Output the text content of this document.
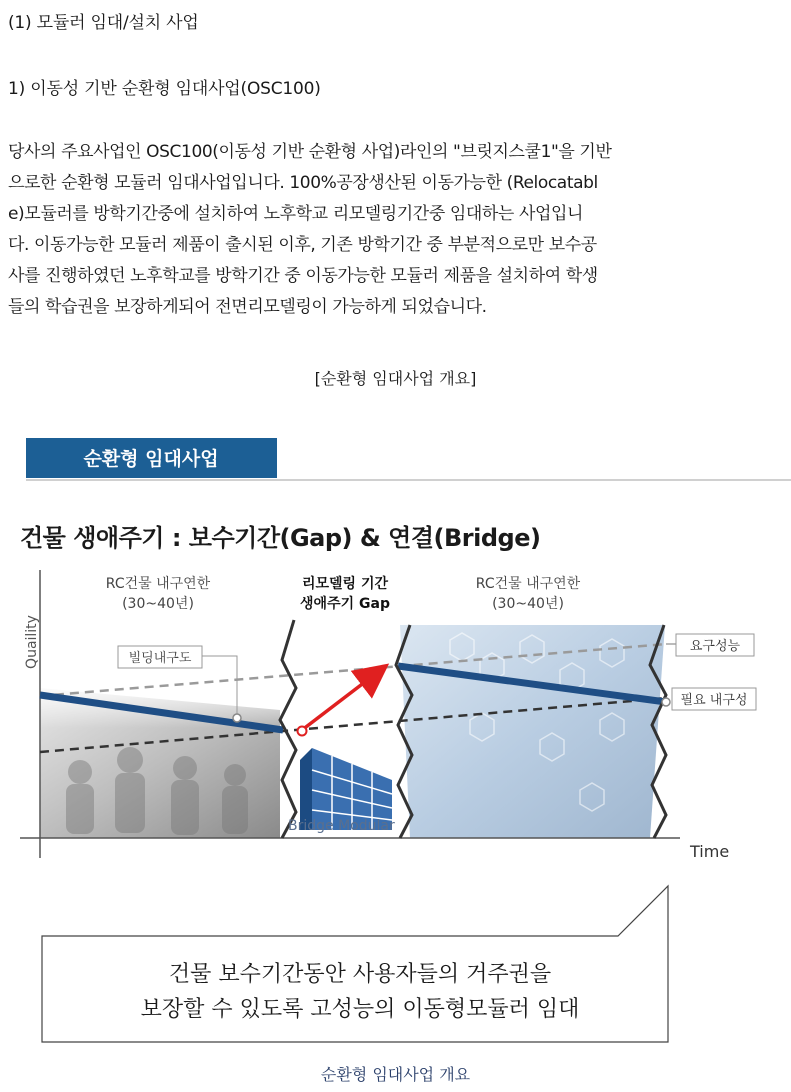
(1) 모듈러 임대/설치 사업
1) 이동성 기반 순환형 임대사업(OSC100)
당사의 주요사업인 OSC100(이동성 기반 순환형 사업)라인의 "브릿지스쿨1"을 기반
으로한 순환형 모듈러 임대사업입니다. 100%공장생산된 이동가능한 (Relocatabl
e)모듈러를 방학기간중에 설치하여 노후학교 리모델링기간중 임대하는 사업입니
다. 이동가능한 모듈러 제품이 출시된 이후, 기존 방학기간 중 부분적으로만 보수공
사를 진행하였던 노후학교를 방학기간 중 이동가능한 모듈러 제품을 설치하여 학생
들의 학습권을 보장하게되어 전면리모델링이 가능하게 되었습니다.
[순환형 임대사업 개요]
순환형 임대사업
건물 생애주기 : 보수기간(Gap) & 연결(Bridge)
Quaility
Time
RC건물 내구연한
(30~40년)
리모델링 기간
생애주기 Gap
RC건물 내구연한
(30~40년)
Bridge Modular
빌딩내구도
요구성능
필요 내구성
건물 보수기간동안 사용자들의 거주권을
보장할 수 있도록 고성능의 이동형모듈러 임대
순환형 임대사업 개요
